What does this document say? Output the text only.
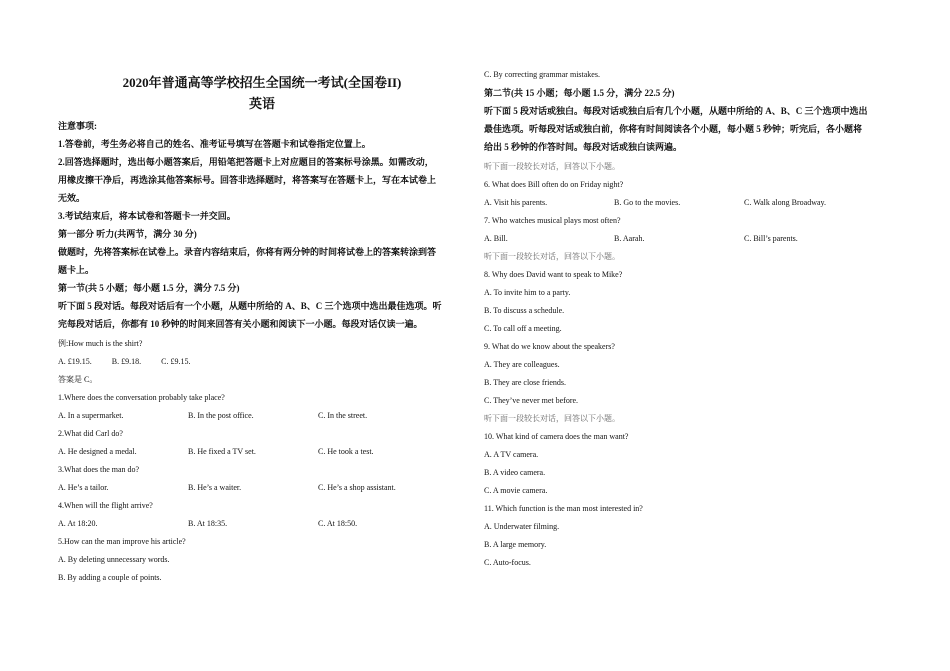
2020年普通高等学校招生全国统一考试(全国卷II)

英语

注意事项:

1.答卷前，考生务必将自己的姓名、准考证号填写在答题卡和试卷指定位置上。

2.回答选择题时，选出每小题答案后，用铅笔把答题卡上对应题目的答案标号涂黑。如需改动，

用橡皮擦干净后，再选涂其他答案标号。回答非选择题时，将答案写在答题卡上，写在本试卷上

无效。

3.考试结束后，将本试卷和答题卡一并交回。

第一部分 听力(共两节，满分 30 分)

做题时，先将答案标在试卷上。录音内容结束后，你将有两分钟的时间将试卷上的答案转涂到答

题卡上。

第一节(共 5 小题；每小题 1.5 分，满分 7.5 分)

听下面 5 段对话。每段对话后有一个小题，从题中所给的 A、B、C 三个选项中选出最佳选项。听

完每段对话后，你都有 10 秒钟的时间来回答有关小题和阅读下一小题。每段对话仅读一遍。

例:How much is the shirt?

A. £19.15.	B. £9.18.	C. £9.15.

答案是 C。

1.Where does the conversation probably take place?

A. In a supermarket.	B. In the post office.	C. In the street.

2.What did Carl do?

A. He designed a medal.	B. He fixed a TV set.	C. He took a test.

3.What does the man do?

A. He’s a tailor.	B. He’s a waiter.	C. He’s a shop assistant.

4.When will the flight arrive?

A. At 18:20.	B. At 18:35.	C. At 18:50.

5.How can the man improve his article?

A. By deleting unnecessary words.

B. By adding a couple of points.

C. By correcting grammar mistakes.

第二节(共 15 小题；每小题 1.5 分，满分 22.5 分)

听下面 5 段对话或独白。每段对话或独白后有几个小题，从题中所给的 A、B、C 三个选项中选出

最佳选项。听每段对话或独白前，你将有时间阅读各个小题，每小题 5 秒钟；听完后，各小题将

给出 5 秒钟的作答时间。每段对话或独白读两遍。

听下面一段较长对话，回答以下小题。

6. What does Bill often do on Friday night?

A. Visit his parents.	B. Go to the movies.	C. Walk along Broadway.

7. Who watches musical plays most often?

A. Bill.	B. Aarah.	C. Bill’s parents.

听下面一段较长对话，回答以下小题。

8. Why does David want to speak to Mike?

A. To invite him to a party.

B. To discuss a schedule.

C. To call off a meeting.

9. What do we know about the speakers?

A. They are colleagues.

B. They are close friends.

C. They’ve never met before.

听下面一段较长对话，回答以下小题。

10. What kind of camera does the man want?

A. A TV camera.

B. A video camera.

C. A movie camera.

11. Which function is the man most interested in?

A. Underwater filming.

B. A large memory.

C. Auto-focus.
